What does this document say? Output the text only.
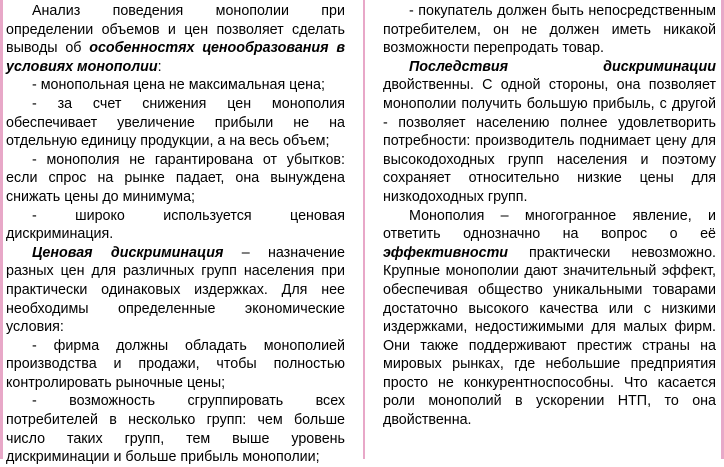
Анализ поведения монополии при определении объемов и цен позволяет сделать выводы об особенностях ценообразования в условиях монополии:

- монопольная цена не максимальная цена;

- за счет снижения цен монополия обеспечивает увеличение прибыли не на отдельную единицу продукции, а на весь объем;

- монополия не гарантирована от убытков: если спрос на рынке падает, она вынуждена снижать цены до минимума;

- широко используется ценовая дискриминация.

Ценовая дискриминация – назначение разных цен для различных групп населения при практически одинаковых издержках. Для нее необходимы определенные экономические условия:

- фирма должны обладать монополией производства и продажи, чтобы полностью контролировать рыночные цены;

- возможность сгруппировать всех потребителей в несколько групп: чем больше число таких групп, тем выше уровень дискриминации и больше прибыль монополии;

- покупатель должен быть непосредственным потребителем, он не должен иметь никакой возможности перепродать товар.

Последствия дискриминации двойственны. С одной стороны, она позволяет монополии получить большую прибыль, с другой - позволяет населению полнее удовлетворить потребности: производитель поднимает цену для высокодоходных групп населения и поэтому сохраняет относительно низкие цены для низкодоходных групп.

Монополия – многогранное явление, и ответить однозначно на вопрос о её эффективности практически невозможно. Крупные монополии дают значительный эффект, обеспечивая общество уникальными товарами достаточно высокого качества или с низкими издержками, недостижимыми для малых фирм. Они также поддерживают престиж страны на мировых рынках, где небольшие предприятия просто не конкурентноспособны. Что касается роли монополий в ускорении НТП, то она двойственна.
